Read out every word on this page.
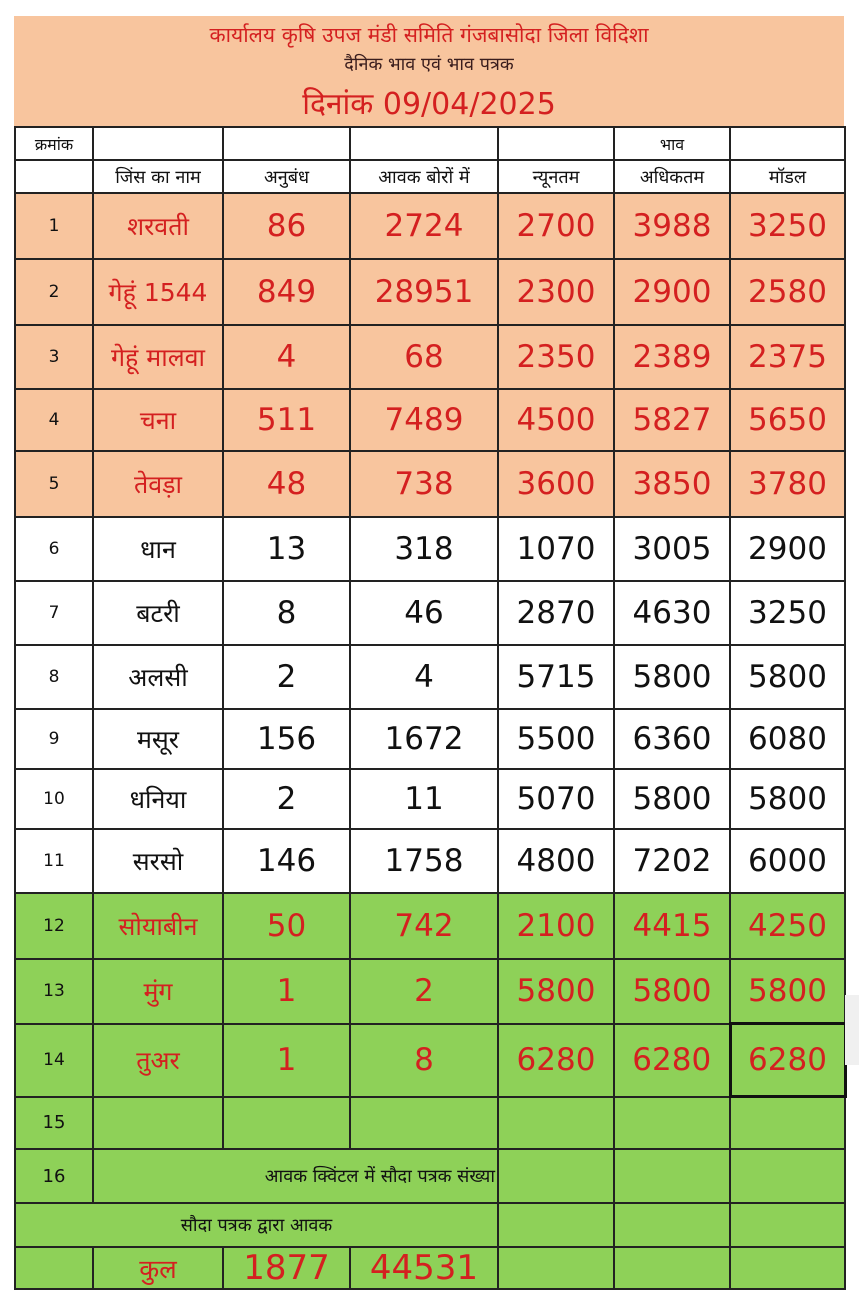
कार्यालय कृषि उपज मंडी समिति गंजबासोदा जिला विदिशा
दैनिक भाव एवं भाव पत्रक
दिनांक 09/04/2025
क्रमांक					भाव	
	जिंस का नाम	अनुबंध	आवक बोरों में	न्यूनतम	अधिकतम	मॉडल
1	शरवती	86	2724	2700	3988	3250
2	गेहूं 1544	849	28951	2300	2900	2580
3	गेहूं मालवा	4	68	2350	2389	2375
4	चना	511	7489	4500	5827	5650
5	तेवड़ा	48	738	3600	3850	3780
6	धान	13	318	1070	3005	2900
7	बटरी	8	46	2870	4630	3250
8	अलसी	2	4	5715	5800	5800
9	मसूर	156	1672	5500	6360	6080
10	धनिया	2	11	5070	5800	5800
11	सरसो	146	1758	4800	7202	6000
12	सोयाबीन	50	742	2100	4415	4250
13	मुंग	1	2	5800	5800	5800
14	तुअर	1	8	6280	6280	6280
15						
16	आवक क्विंटल में सौदा पत्रक संख्या					
सौदा पत्रक द्वारा आवक						
	कुल	1877	44531			
